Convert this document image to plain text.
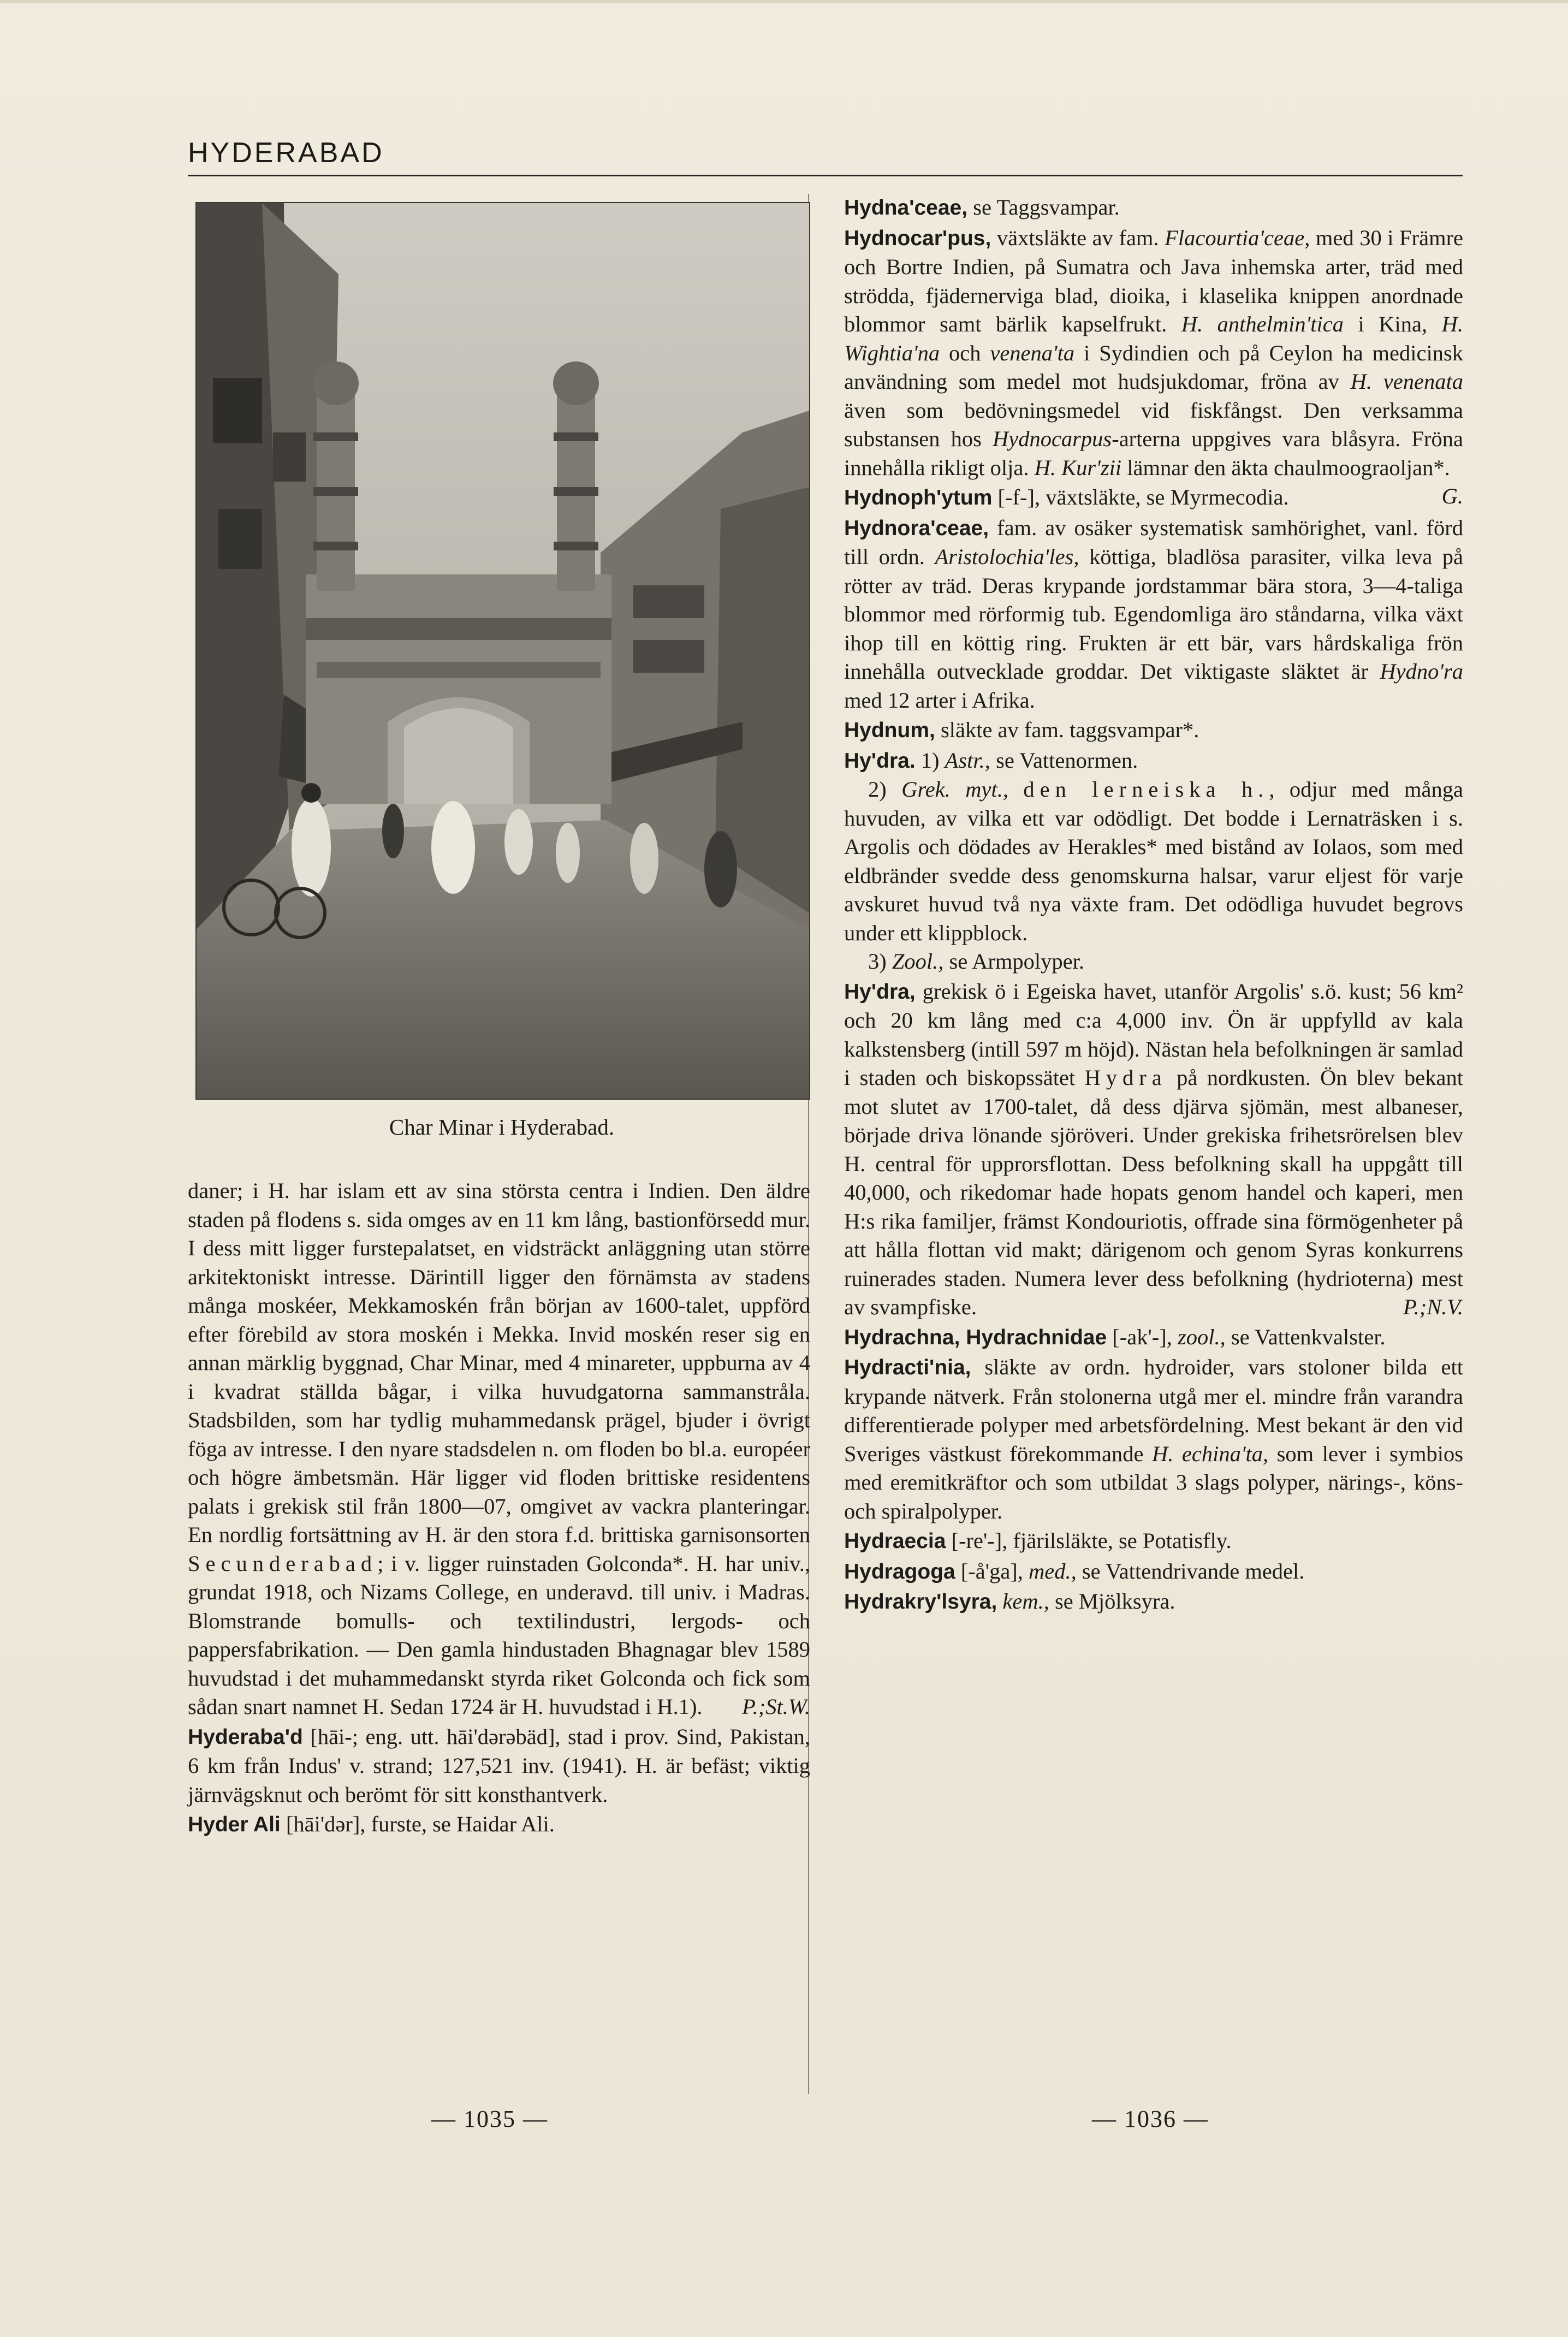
HYDERABAD
Char Minar i Hyderabad.

daner; i H. har islam ett av sina största centra i Indien. Den äldre staden på flodens s. sida omges av en 11 km lång, bastionförsedd mur. I dess mitt ligger furstepalatset, en vidsträckt anläggning utan större arkitektoniskt intresse. Därintill ligger den förnämsta av stadens många moskéer, Mekkamoskén från början av 1600-talet, uppförd efter förebild av stora moskén i Mekka. Invid moskén reser sig en annan märklig byggnad, Char Minar, med 4 minareter, uppburna av 4 i kvadrat ställda bågar, i vilka huvudgatorna sammanstråla. Stadsbilden, som har tydlig muhammedansk prägel, bjuder i övrigt föga av intresse. I den nyare stadsdelen n. om floden bo bl.a. européer och högre ämbetsmän. Här ligger vid floden brittiske residentens palats i grekisk stil från 1800—07, omgivet av vackra planteringar. En nordlig fortsättning av H. är den stora f.d. brittiska garnisonsorten Secunderabad; i v. ligger ruinstaden Golconda*. H. har univ., grundat 1918, och Nizams College, en underavd. till univ. i Madras. Blomstrande bomulls- och textilindustri, lergods- och pappersfabrikation. — Den gamla hindustaden Bhagnagar blev 1589 huvudstad i det muhammedanskt styrda riket Golconda och fick som sådan snart namnet H. Sedan 1724 är H. huvudstad i H.1). P.;St.W.

Hyderaba'd [hāi-; eng. utt. hāi'dərəbäd], stad i prov. Sind, Pakistan, 6 km från Indus' v. strand; 127,521 inv. (1941). H. är befäst; viktig järnvägsknut och berömt för sitt konsthantverk.

Hyder Ali [hāi'dər], furste, se Haidar Ali.

Hydna'ceae, se Taggsvampar.

Hydnocar'pus, växtsläkte av fam. Flacourtia'ceae, med 30 i Främre och Bortre Indien, på Sumatra och Java inhemska arter, träd med strödda, fjädernerviga blad, dioika, i klaselika knippen anordnade blommor samt bärlik kapselfrukt. H. anthelmin'tica i Kina, H. Wightia'na och venena'ta i Sydindien och på Ceylon ha medicinsk användning som medel mot hudsjukdomar, fröna av H. venenata även som bedövningsmedel vid fiskfångst. Den verksamma substansen hos Hydnocarpus-arterna uppgives vara blåsyra. Fröna innehålla rikligt olja. H. Kur'zii lämnar den äkta chaulmoograoljan*.
G.

Hydnoph'ytum [-f-], växtsläkte, se Myrmecodia.

Hydnora'ceae, fam. av osäker systematisk samhörighet, vanl. förd till ordn. Aristolochia'les, köttiga, bladlösa parasiter, vilka leva på rötter av träd. Deras krypande jordstammar bära stora, 3—4-taliga blommor med rörformig tub. Egendomliga äro ståndarna, vilka växt ihop till en köttig ring. Frukten är ett bär, vars hårdskaliga frön innehålla outvecklade groddar. Det viktigaste släktet är Hydno'ra med 12 arter i Afrika.

Hydnum, släkte av fam. taggsvampar*.

Hy'dra. 1) Astr., se Vattenormen.

2) Grek. myt., den lerneiska h., odjur med många huvuden, av vilka ett var odödligt. Det bodde i Lernaträsken i s. Argolis och dödades av Herakles* med bistånd av Iolaos, som med eldbränder svedde dess genomskurna halsar, varur eljest för varje avskuret huvud två nya växte fram. Det odödliga huvudet begrovs under ett klippblock.

3) Zool., se Armpolyper.

Hy'dra, grekisk ö i Egeiska havet, utanför Argolis' s.ö. kust; 56 km² och 20 km lång med c:a 4,000 inv. Ön är uppfylld av kala kalkstensberg (intill 597 m höjd). Nästan hela befolkningen är samlad i staden och biskopssätet Hydra på nordkusten. Ön blev bekant mot slutet av 1700-talet, då dess djärva sjömän, mest albaneser, började driva lönande sjöröveri. Under grekiska frihetsrörelsen blev H. central för upprorsflottan. Dess befolkning skall ha uppgått till 40,000, och rikedomar hade hopats genom handel och kaperi, men H:s rika familjer, främst Kondouriotis, offrade sina förmögenheter på att hålla flottan vid makt; därigenom och genom Syras konkurrens ruinerades staden. Numera lever dess befolkning (hydrioterna) mest av svampfiske.	P.;N.V.

Hydrachna, Hydrachnidae [-ak'-], zool., se Vattenkvalster.

Hydracti'nia, släkte av ordn. hydroider, vars stoloner bilda ett krypande nätverk. Från stolonerna utgå mer el. mindre från varandra differentierade polyper med arbetsfördelning. Mest bekant är den vid Sveriges västkust förekommande H. echina'ta, som lever i symbios med eremitkräftor och som utbildat 3 slags polyper, närings-, köns- och spiralpolyper.

Hydraecia [-re'-], fjärilsläkte, se Potatisfly.

Hydragoga [-å'ga], med., se Vattendrivande medel.

Hydrakry'lsyra, kem., se Mjölksyra.

— 1035 —	— 1036 —
